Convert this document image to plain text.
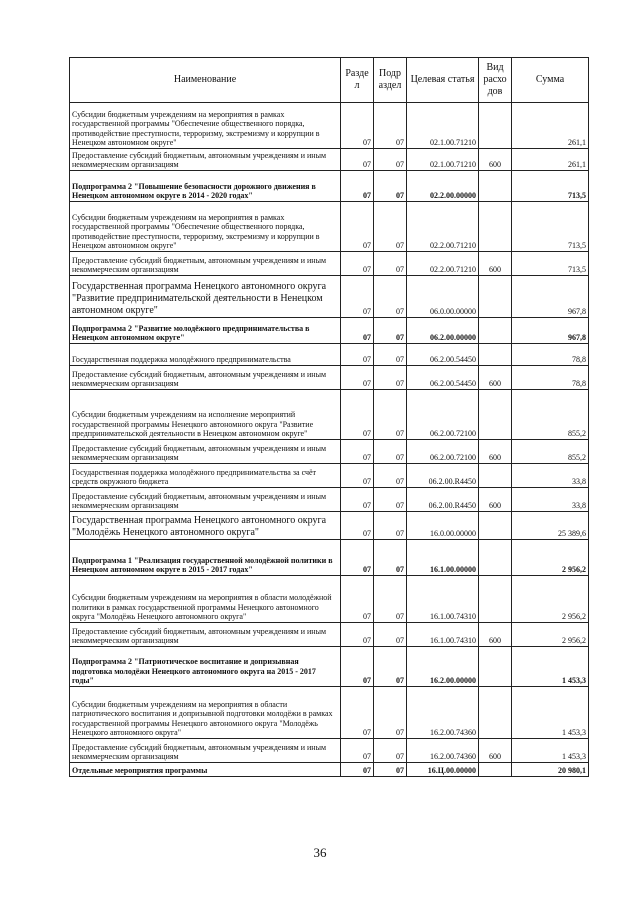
Наименование	Разде л	Подр аздел	Целевая статья	Вид расхо дов	Сумма
Субсидии бюджетным учреждениям на мероприятия в рамках государственной программы "Обеспечение общественного порядка, противодействие преступности, терроризму, экстремизму и коррупции в Ненецком автономном округе"	07	07	02.1.00.71210		261,1
Предоставление субсидий бюджетным, автономным учреждениям и иным некоммерческим организациям	07	07	02.1.00.71210	600	261,1
Подпрограмма 2 "Повышение безопасности дорожного движения в Ненецком автономном округе в 2014 - 2020 годах"	07	07	02.2.00.00000		713,5
Субсидии бюджетным учреждениям на мероприятия в рамках государственной программы "Обеспечение общественного порядка, противодействие преступности, терроризму, экстремизму и коррупции в Ненецком автономном округе"	07	07	02.2.00.71210		713,5
Предоставление субсидий бюджетным, автономным учреждениям и иным некоммерческим организациям	07	07	02.2.00.71210	600	713,5
Государственная программа Ненецкого автономного округа "Развитие предпринимательской деятельности в Ненецком автономном округе"	07	07	06.0.00.00000		967,8
Подпрограмма 2 "Развитие молодёжного предпринимательства в Ненецком автономном округе"	07	07	06.2.00.00000		967,8
Государственная поддержка молодёжного предпринимательства	07	07	06.2.00.54450		78,8
Предоставление субсидий бюджетным, автономным учреждениям и иным некоммерческим организациям	07	07	06.2.00.54450	600	78,8
Субсидии бюджетным учреждениям на исполнение мероприятий государственной программы Ненецкого автономного округа "Развитие предпринимательской деятельности в Ненецком автономном округе"	07	07	06.2.00.72100		855,2
Предоставление субсидий бюджетным, автономным учреждениям и иным некоммерческим организациям	07	07	06.2.00.72100	600	855,2
Государственная поддержка молодёжного предпринимательства за счёт средств окружного бюджета	07	07	06.2.00.R4450		33,8
Предоставление субсидий бюджетным, автономным учреждениям и иным некоммерческим организациям	07	07	06.2.00.R4450	600	33,8
Государственная программа Ненецкого автономного округа "Молодёжь Ненецкого автономного округа"	07	07	16.0.00.00000		25 389,6
Подпрограмма 1 "Реализация государственной молодёжной политики в Ненецком автономном округе в 2015 - 2017 годах"	07	07	16.1.00.00000		2 956,2
Субсидии бюджетным учреждениям на мероприятия в области молодёжной политики в рамках государственной программы Ненецкого автономного округа "Молодёжь Ненецкого автономного округа"	07	07	16.1.00.74310		2 956,2
Предоставление субсидий бюджетным, автономным учреждениям и иным некоммерческим организациям	07	07	16.1.00.74310	600	2 956,2
Подпрограмма 2 "Патриотическое воспитание и допризывная подготовка молодёжи Ненецкого автономного округа на 2015 - 2017 годы"	07	07	16.2.00.00000		1 453,3
Субсидии бюджетным учреждениям на мероприятия в области патриотического воспитания и допризывной подготовки молодёжи в рамках государственной программы Ненецкого автономного округа "Молодёжь Ненецкого автономного округа"	07	07	16.2.00.74360		1 453,3
Предоставление субсидий бюджетным, автономным учреждениям и иным некоммерческим организациям	07	07	16.2.00.74360	600	1 453,3
Отдельные мероприятия программы	07	07	16.Ц.00.00000		20 980,1
36
